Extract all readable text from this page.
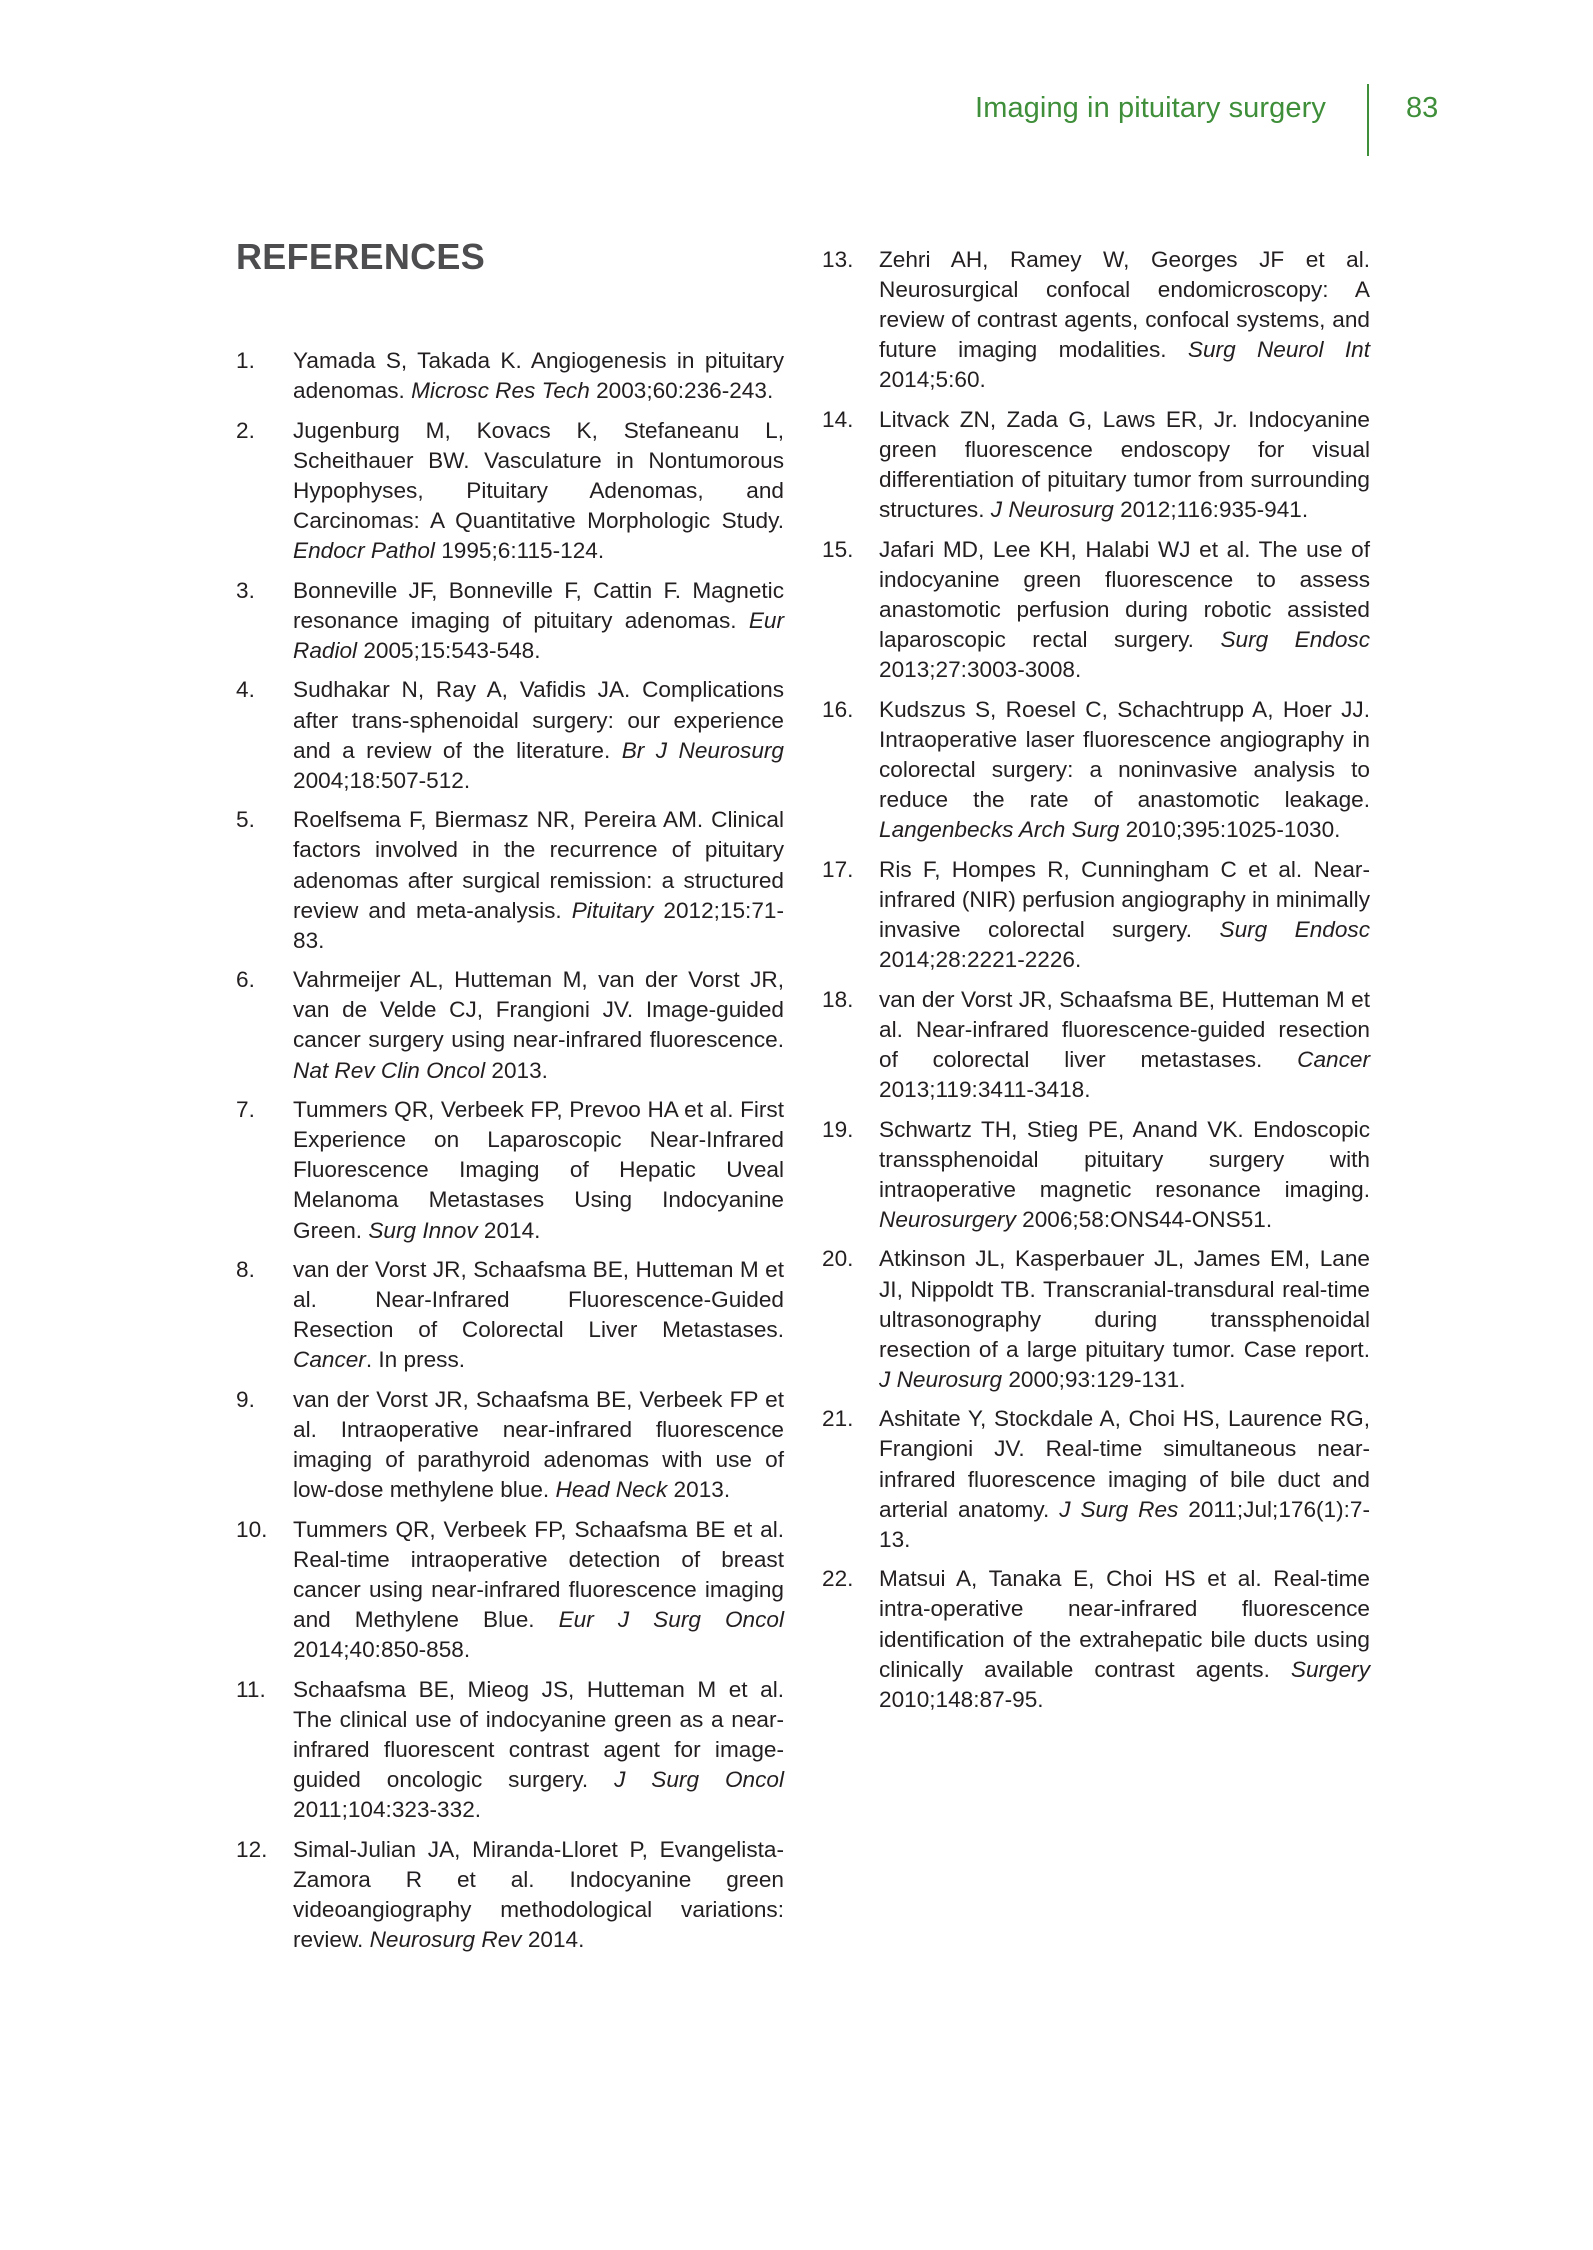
Imaging in pituitary surgery	83
REFERENCES
1.	Yamada S, Takada K. Angiogenesis in pituitary adenomas. Microsc Res Tech 2003;60:236-243.
2.	Jugenburg M, Kovacs K, Stefaneanu L, Scheithauer BW. Vasculature in Nontumorous Hypophyses, Pituitary Adenomas, and Carcinomas: A Quantitative Morphologic Study. Endocr Pathol 1995;6:115-124.
3.	Bonneville JF, Bonneville F, Cattin F. Magnetic resonance imaging of pituitary adenomas. Eur Radiol 2005;15:543-548.
4.	Sudhakar N, Ray A, Vafidis JA. Complications after trans-sphenoidal surgery: our experience and a review of the literature. Br J Neurosurg 2004;18:507-512.
5.	Roelfsema F, Biermasz NR, Pereira AM. Clinical factors involved in the recurrence of pituitary adenomas after surgical remission: a structured review and meta-analysis. Pituitary 2012;15:71-83.
6.	Vahrmeijer AL, Hutteman M, van der Vorst JR, van de Velde CJ, Frangioni JV. Image-guided cancer surgery using near-infrared fluorescence. Nat Rev Clin Oncol 2013.
7.	Tummers QR, Verbeek FP, Prevoo HA et al. First Experience on Laparoscopic Near-Infrared Fluorescence Imaging of Hepatic Uveal Melanoma Metastases Using Indocyanine Green. Surg Innov 2014.
8.	van der Vorst JR, Schaafsma BE, Hutteman M et al. Near-Infrared Fluorescence-Guided Resection of Colorectal Liver Metastases. Cancer. In press.
9.	van der Vorst JR, Schaafsma BE, Verbeek FP et al. Intraoperative near-infrared fluorescence imaging of parathyroid adenomas with use of low-dose methylene blue. Head Neck 2013.
10.	Tummers QR, Verbeek FP, Schaafsma BE et al. Real-time intraoperative detection of breast cancer using near-infrared fluorescence imaging and Methylene Blue. Eur J Surg Oncol 2014;40:850-858.
11.	Schaafsma BE, Mieog JS, Hutteman M et al. The clinical use of indocyanine green as a near-infrared fluorescent contrast agent for image-guided oncologic surgery. J Surg Oncol 2011;104:323-332.
12.	Simal-Julian JA, Miranda-Lloret P, Evangelista-Zamora R et al. Indocyanine green videoangiography methodological variations: review. Neurosurg Rev 2014.
13.	Zehri AH, Ramey W, Georges JF et al. Neurosurgical confocal endomicroscopy: A review of contrast agents, confocal systems, and future imaging modalities. Surg Neurol Int 2014;5:60.
14.	Litvack ZN, Zada G, Laws ER, Jr. Indocyanine green fluorescence endoscopy for visual differentiation of pituitary tumor from surrounding structures. J Neurosurg 2012;116:935-941.
15.	Jafari MD, Lee KH, Halabi WJ et al. The use of indocyanine green fluorescence to assess anastomotic perfusion during robotic assisted laparoscopic rectal surgery. Surg Endosc 2013;27:3003-3008.
16.	Kudszus S, Roesel C, Schachtrupp A, Hoer JJ. Intraoperative laser fluorescence angiography in colorectal surgery: a noninvasive analysis to reduce the rate of anastomotic leakage. Langenbecks Arch Surg 2010;395:1025-1030.
17.	Ris F, Hompes R, Cunningham C et al. Near-infrared (NIR) perfusion angiography in minimally invasive colorectal surgery. Surg Endosc 2014;28:2221-2226.
18.	van der Vorst JR, Schaafsma BE, Hutteman M et al. Near-infrared fluorescence-guided resection of colorectal liver metastases. Cancer 2013;119:3411-3418.
19.	Schwartz TH, Stieg PE, Anand VK. Endoscopic transsphenoidal pituitary surgery with intraoperative magnetic resonance imaging. Neurosurgery 2006;58:ONS44-ONS51.
20.	Atkinson JL, Kasperbauer JL, James EM, Lane JI, Nippoldt TB. Transcranial-transdural real-time ultrasonography during transsphenoidal resection of a large pituitary tumor. Case report. J Neurosurg 2000;93:129-131.
21.	Ashitate Y, Stockdale A, Choi HS, Laurence RG, Frangioni JV. Real-time simultaneous near-infrared fluorescence imaging of bile duct and arterial anatomy. J Surg Res 2011;Jul;176(1):7-13.
22.	Matsui A, Tanaka E, Choi HS et al. Real-time intra-operative near-infrared fluorescence identification of the extrahepatic bile ducts using clinically available contrast agents. Surgery 2010;148:87-95.
